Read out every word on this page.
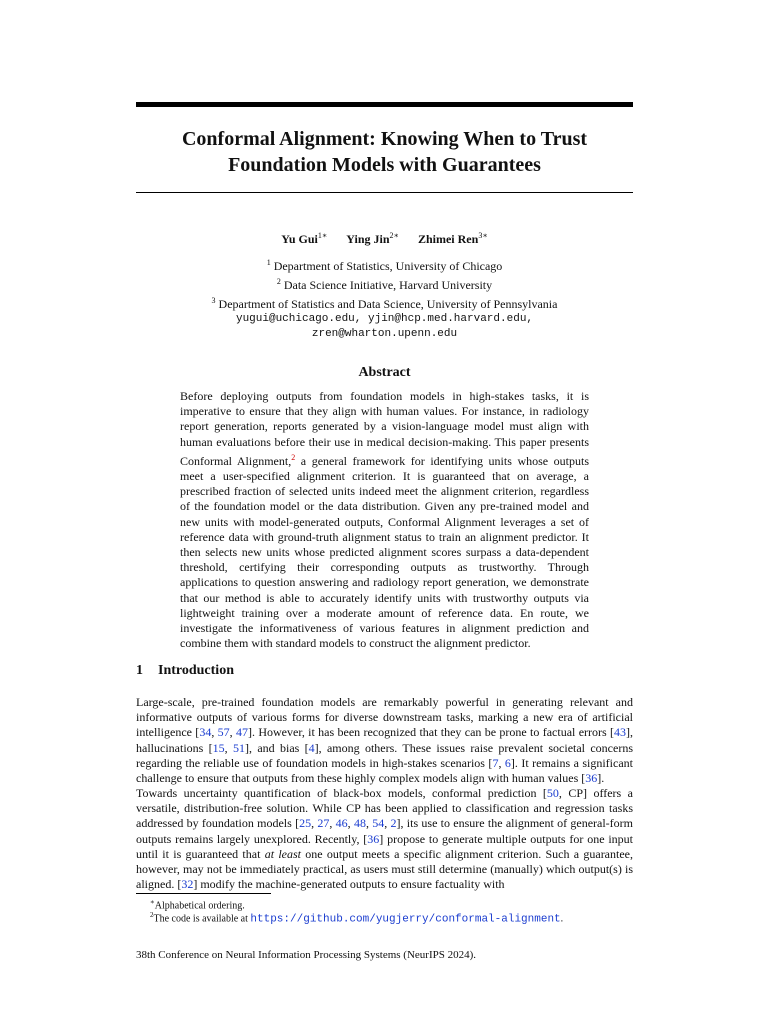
Conformal Alignment: Knowing When to Trust
Foundation Models with Guarantees
Yu Gui$^{1∗}$ Ying Jin$^{2∗}$ Zhimei Ren$^{3∗}$
$^1$ Department of Statistics, University of Chicago
$^2$ Data Science Initiative, Harvard University
$^3$ Department of Statistics and Data Science, University of Pennsylvania
yugui@uchicago.edu, yjin@hcp.med.harvard.edu,
zren@wharton.upenn.edu
Abstract
Before deploying outputs from foundation models in high-stakes tasks, it is imperative to ensure that they align with human values. For instance, in radiology report generation, reports generated by a vision-language model must align with human evaluations before their use in medical decision-making. This paper presents Conformal Alignment,$^2$ a general framework for identifying units whose outputs meet a user-specified alignment criterion. It is guaranteed that on average, a prescribed fraction of selected units indeed meet the alignment criterion, regardless of the foundation model or the data distribution. Given any pre-trained model and new units with model-generated outputs, Conformal Alignment leverages a set of reference data with ground-truth alignment status to train an alignment predictor. It then selects new units whose predicted alignment scores surpass a data-dependent threshold, certifying their corresponding outputs as trustworthy. Through applications to question answering and radiology report generation, we demonstrate that our method is able to accurately identify units with trustworthy outputs via lightweight training over a moderate amount of reference data. En route, we investigate the informativeness of various features in alignment prediction and combine them with standard models to construct the alignment predictor.
1 Introduction
Large-scale, pre-trained foundation models are remarkably powerful in generating relevant and informative outputs of various forms for diverse downstream tasks, marking a new era of artificial intelligence [34, 57, 47]. However, it has been recognized that they can be prone to factual errors [43], hallucinations [15, 51], and bias [4], among others. These issues raise prevalent societal concerns regarding the reliable use of foundation models in high-stakes scenarios [7, 6]. It remains a significant challenge to ensure that outputs from these highly complex models align with human values [36].
Towards uncertainty quantification of black-box models, conformal prediction [50, CP] offers a versatile, distribution-free solution. While CP has been applied to classification and regression tasks addressed by foundation models [25, 27, 46, 48, 54, 2], its use to ensure the alignment of general-form outputs remains largely unexplored. Recently, [36] propose to generate multiple outputs for one input until it is guaranteed that at least one output meets a specific alignment criterion. Such a guarantee, however, may not be immediately practical, as users must still determine (manually) which output(s) is aligned. [32] modify the machine-generated outputs to ensure factuality with
∗Alphabetical ordering.
$^2$The code is available at https://github.com/yugjerry/conformal-alignment.
38th Conference on Neural Information Processing Systems (NeurIPS 2024).
